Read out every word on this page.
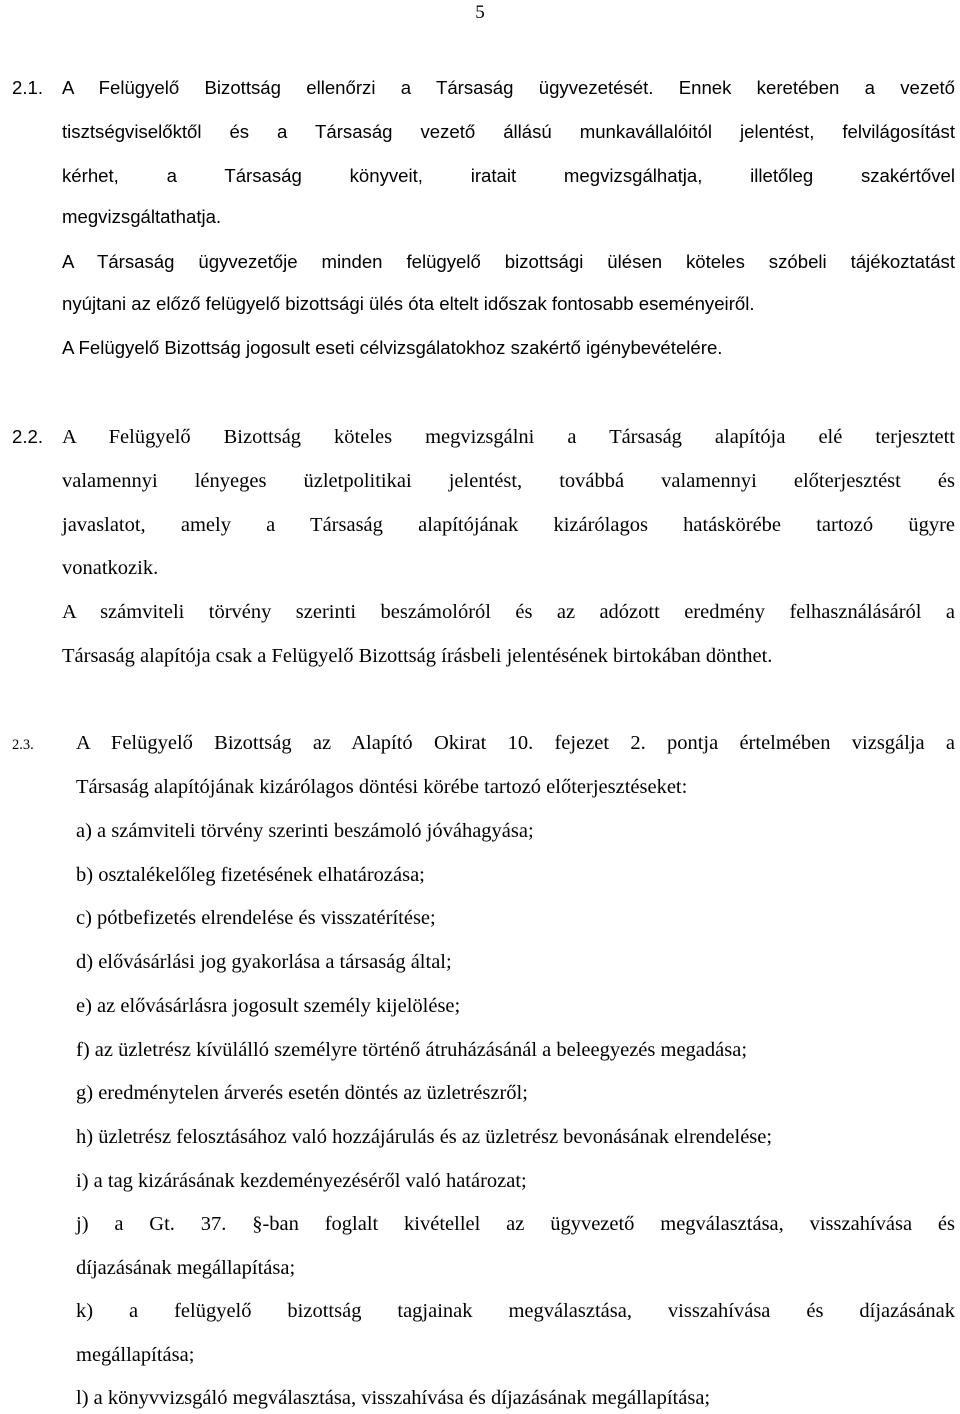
5
2.1. A Felügyelő Bizottság ellenőrzi a Társaság ügyvezetését. Ennek keretében a vezető
tisztségviselőktől és a Társaság vezető állású munkavállalóitól jelentést, felvilágosítást
kérhet, a Társaság könyveit, iratait megvizsgálhatja, illetőleg szakértővel
megvizsgáltathatja.
A Társaság ügyvezetője minden felügyelő bizottsági ülésen köteles szóbeli tájékoztatást
nyújtani az előző felügyelő bizottsági ülés óta eltelt időszak fontosabb eseményeiről.
A Felügyelő Bizottság jogosult eseti célvizsgálatokhoz szakértő igénybevételére.
2.2. A Felügyelő Bizottság köteles megvizsgálni a Társaság alapítója elé terjesztett
valamennyi lényeges üzletpolitikai jelentést, továbbá valamennyi előterjesztést és
javaslatot, amely a Társaság alapítójának kizárólagos hatáskörébe tartozó ügyre
vonatkozik.
A számviteli törvény szerinti beszámolóról és az adózott eredmény felhasználásáról a
Társaság alapítója csak a Felügyelő Bizottság írásbeli jelentésének birtokában dönthet.
2.3. A Felügyelő Bizottság az Alapító Okirat 10. fejezet 2. pontja értelmében vizsgálja a
Társaság alapítójának kizárólagos döntési körébe tartozó előterjesztéseket:
a) a számviteli törvény szerinti beszámoló jóváhagyása;
b) osztalékelőleg fizetésének elhatározása;
c) pótbefizetés elrendelése és visszatérítése;
d) elővásárlási jog gyakorlása a társaság által;
e) az elővásárlásra jogosult személy kijelölése;
f) az üzletrész kívülálló személyre történő átruházásánál a beleegyezés megadása;
g) eredménytelen árverés esetén döntés az üzletrészről;
h) üzletrész felosztásához való hozzájárulás és az üzletrész bevonásának elrendelése;
i) a tag kizárásának kezdeményezéséről való határozat;
j) a Gt. 37. §-ban foglalt kivétellel az ügyvezető megválasztása, visszahívása és
díjazásának megállapítása;
k) a felügyelő bizottság tagjainak megválasztása, visszahívása és díjazásának
megállapítása;
l) a könyvvizsgáló megválasztása, visszahívása és díjazásának megállapítása;
